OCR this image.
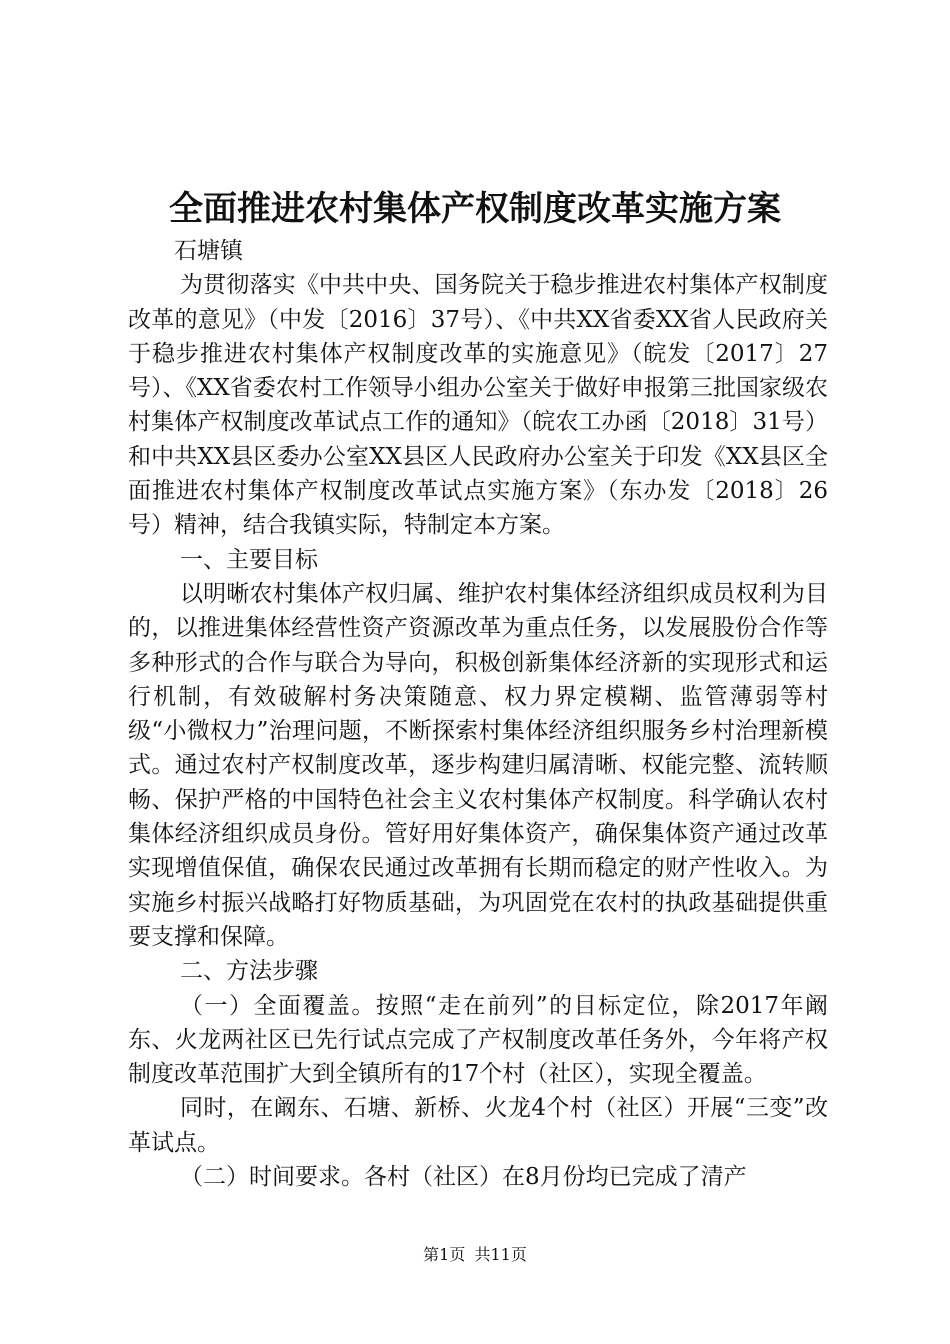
全面推进农村集体产权制度改革实施方案

石塘镇

为贯彻落实《中共中央、国务院关于稳步推进农村集体产权制度改革的意见》（中发〔2016〕37号）、《中共XX省委XX省人民政府关于稳步推进农村集体产权制度改革的实施意见》（皖发〔2017〕27号）、《XX省委农村工作领导小组办公室关于做好申报第三批国家级农村集体产权制度改革试点工作的通知》（皖农工办函〔2018〕31号）和中共XX县区委办公室XX县区人民政府办公室关于印发《XX县区全面推进农村集体产权制度改革试点实施方案》（东办发〔2018〕26号）精神，结合我镇实际，特制定本方案。

一、主要目标

以明晰农村集体产权归属、维护农村集体经济组织成员权利为目的，以推进集体经营性资产资源改革为重点任务，以发展股份合作等多种形式的合作与联合为导向，积极创新集体经济新的实现形式和运行机制，有效破解村务决策随意、权力界定模糊、监管薄弱等村级“小微权力”治理问题，不断探索村集体经济组织服务乡村治理新模式。通过农村产权制度改革，逐步构建归属清晰、权能完整、流转顺畅、保护严格的中国特色社会主义农村集体产权制度。科学确认农村集体经济组织成员身份。管好用好集体资产，确保集体资产通过改革实现增值保值，确保农民通过改革拥有长期而稳定的财产性收入。为实施乡村振兴战略打好物质基础，为巩固党在农村的执政基础提供重要支撑和保障。

二、方法步骤

（一）全面覆盖。按照“走在前列”的目标定位，除2017年阚东、火龙两社区已先行试点完成了产权制度改革任务外，今年将产权制度改革范围扩大到全镇所有的17个村（社区），实现全覆盖。

同时，在阚东、石塘、新桥、火龙4个村（社区）开展“三变”改革试点。

（二）时间要求。各村（社区）在8月份均已完成了清产

第1页 共11页
